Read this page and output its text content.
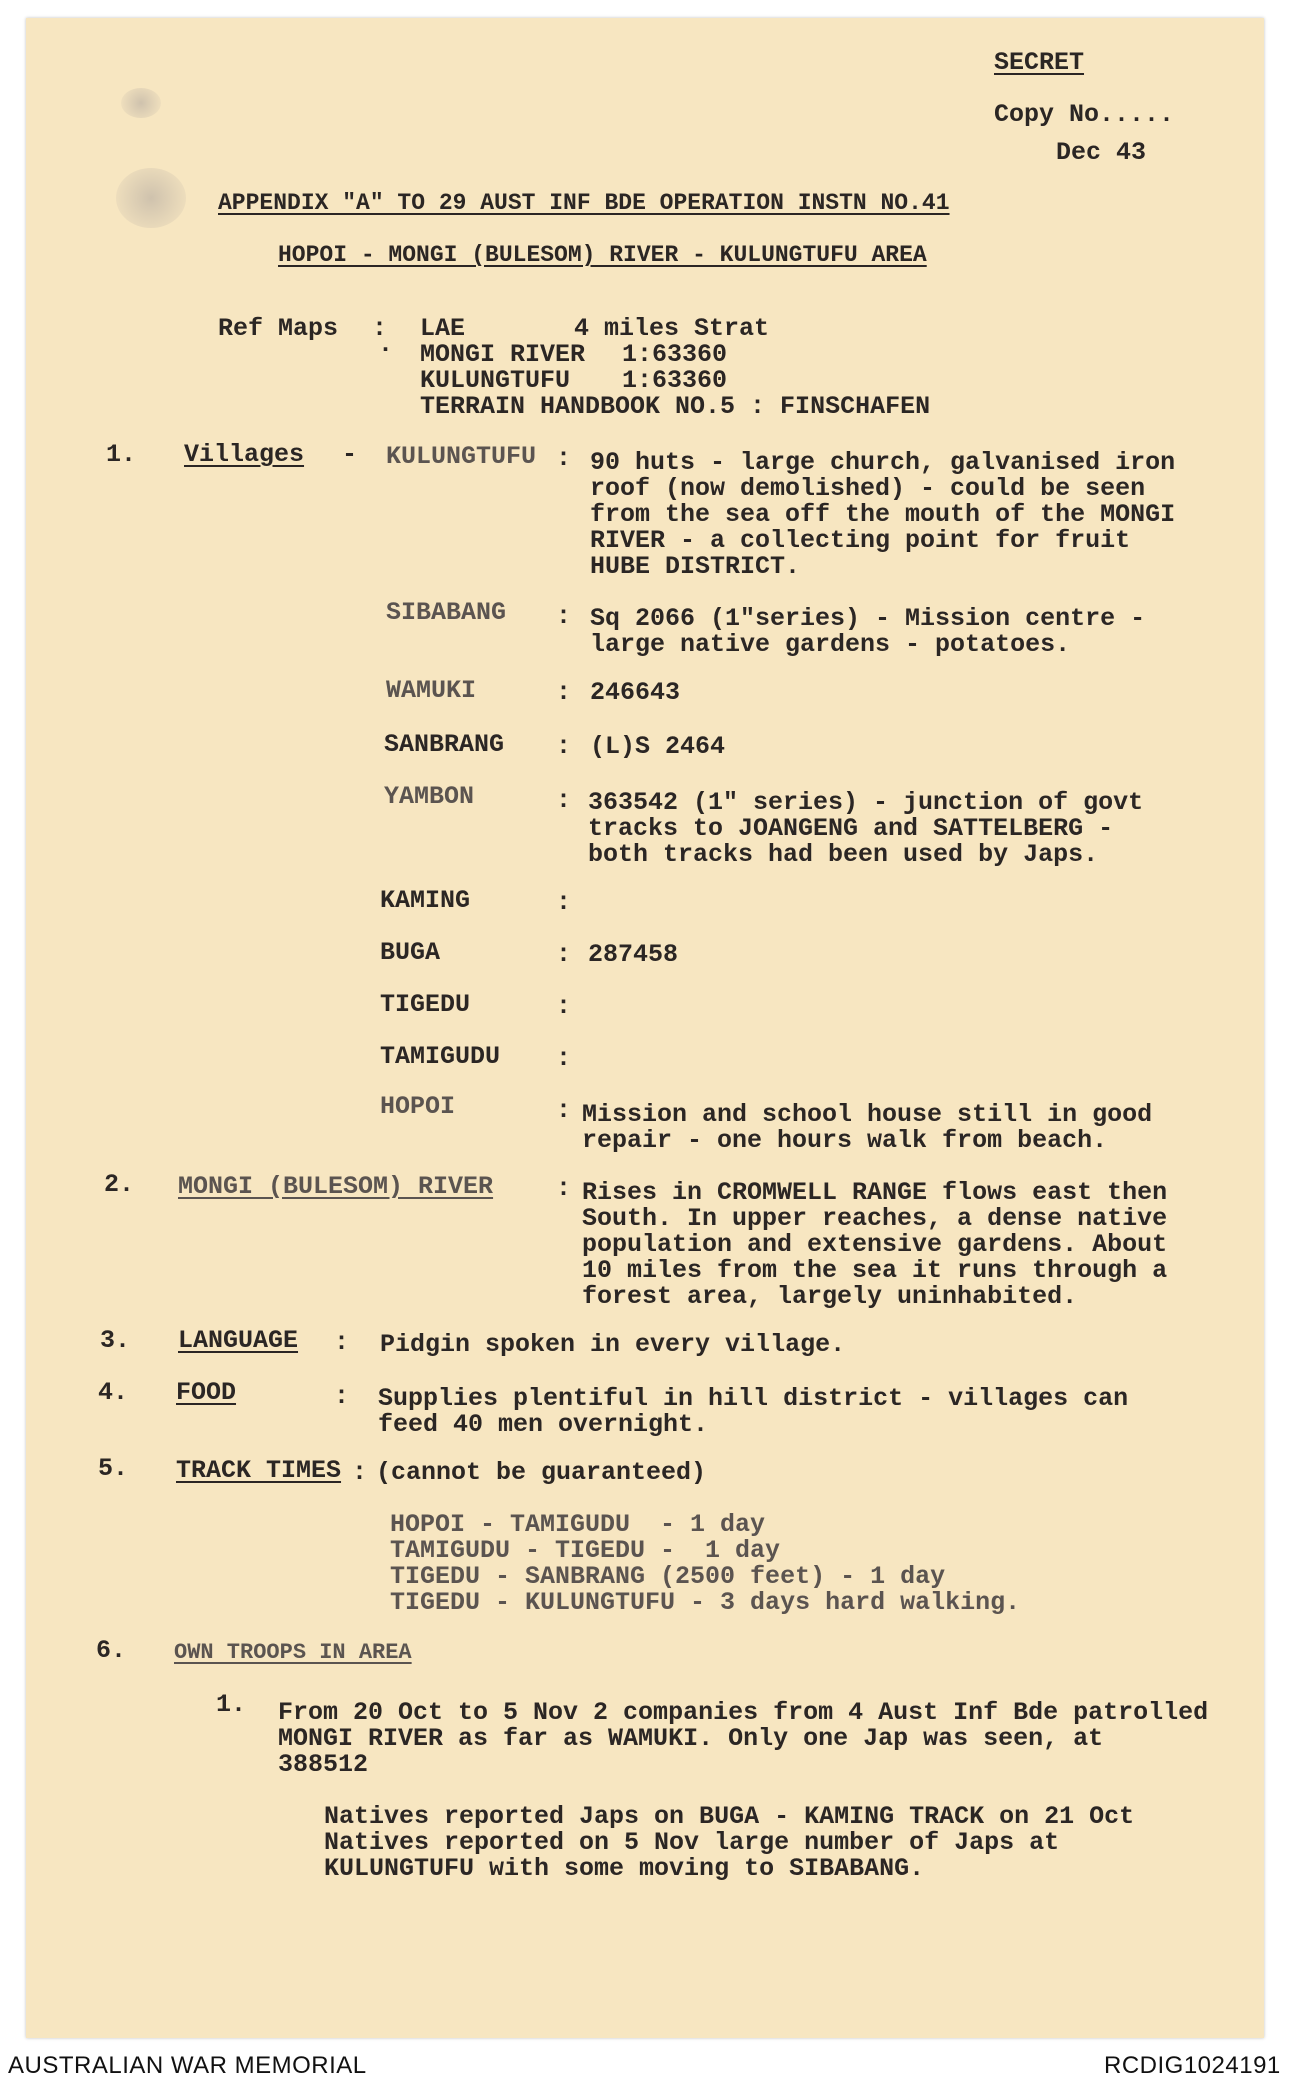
SECRET
Copy No.....
Dec 43
APPENDIX "A" TO 29 AUST INF BDE OPERATION INSTN NO.41
HOPOI - MONGI (BULESOM) RIVER - KULUNGTUFU AREA
Ref Maps :
.
LAE	4 miles Strat
MONGI RIVER 1:63360
KULUNGTUFU 1:63360
TERRAIN HANDBOOK NO.5 : FINSCHAFEN
1. Villages - KULUNGTUFU : 90 huts - large church, galvanised iron
roof (now demolished) - could be seen
from the sea off the mouth of the MONGI
RIVER - a collecting point for fruit
HUBE DISTRICT.
SIBABANG : Sq 2066 (1"series) - Mission centre -
large native gardens - potatoes.
WAMUKI	: 246643
SANBRANG : (L)S 2464
YAMBON	: 363542 (1" series) - junction of govt
tracks to JOANGENG and SATTELBERG -
both tracks had been used by Japs.
KAMING	:
BUGA	: 287458
TIGEDU	:
TAMIGUDU :
HOPOI	: Mission and school house still in good
repair - one hours walk from beach.
2. MONGI (BULESOM) RIVER	: Rises in CROMWELL RANGE flows east then
South. In upper reaches, a dense native
population and extensive gardens. About
10 miles from the sea it runs through a
forest area, largely uninhabited.
3. LANGUAGE : Pidgin spoken in every village.
4. FOOD	: Supplies plentiful in hill district - villages can
feed 40 men overnight.
5. TRACK TIMES : (cannot be guaranteed)
HOPOI - TAMIGUDU  - 1 day
TAMIGUDU - TIGEDU -  1 day
TIGEDU - SANBRANG (2500 feet) - 1 day
TIGEDU - KULUNGTUFU - 3 days hard walking.
6. OWN TROOPS IN AREA
1. From 20 Oct to 5 Nov 2 companies from 4 Aust Inf Bde patrolled
MONGI RIVER as far as WAMUKI. Only one Jap was seen, at
388512
Natives reported Japs on BUGA - KAMING TRACK on 21 Oct
Natives reported on 5 Nov large number of Japs at
KULUNGTUFU with some moving to SIBABANG.
AUSTRALIAN WAR MEMORIAL	RCDIG1024191
